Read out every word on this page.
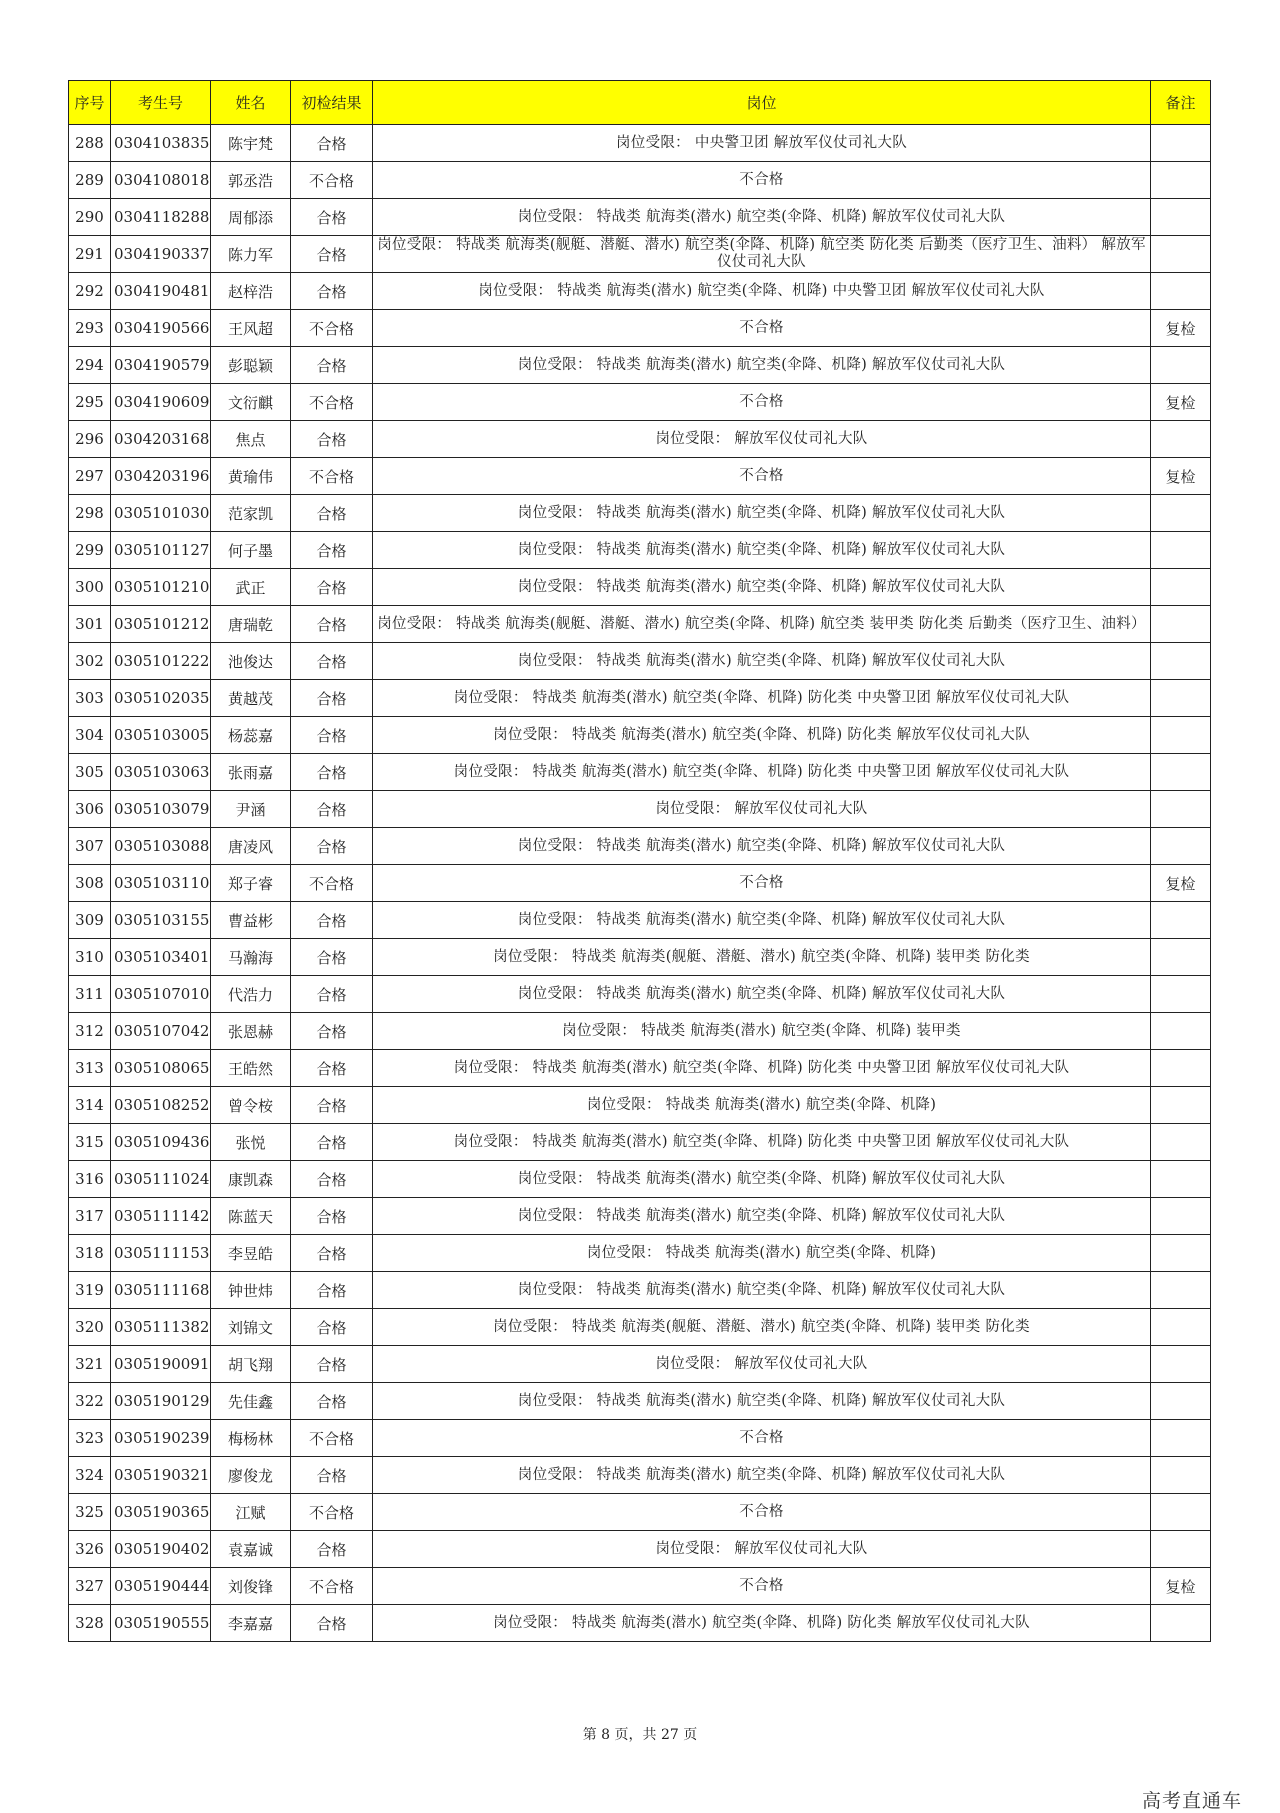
序号	考生号	姓名	初检结果	岗位	备注
288	0304103835	陈宇梵	合格	岗位受限： 中央警卫团 解放军仪仗司礼大队	
289	0304108018	郭丞浩	不合格	不合格	
290	0304118288	周郁添	合格	岗位受限： 特战类 航海类(潜水) 航空类(伞降、机降) 解放军仪仗司礼大队	
291	0304190337	陈力军	合格	岗位受限： 特战类 航海类(舰艇、潜艇、潜水) 航空类(伞降、机降) 航空类 防化类 后勤类（医疗卫生、油料） 解放军仪仗司礼大队	
292	0304190481	赵梓浩	合格	岗位受限： 特战类 航海类(潜水) 航空类(伞降、机降) 中央警卫团 解放军仪仗司礼大队	
293	0304190566	王风超	不合格	不合格	复检
294	0304190579	彭聪颖	合格	岗位受限： 特战类 航海类(潜水) 航空类(伞降、机降) 解放军仪仗司礼大队	
295	0304190609	文衍麒	不合格	不合格	复检
296	0304203168	焦点	合格	岗位受限： 解放军仪仗司礼大队	
297	0304203196	黄瑜伟	不合格	不合格	复检
298	0305101030	范家凯	合格	岗位受限： 特战类 航海类(潜水) 航空类(伞降、机降) 解放军仪仗司礼大队	
299	0305101127	何子墨	合格	岗位受限： 特战类 航海类(潜水) 航空类(伞降、机降) 解放军仪仗司礼大队	
300	0305101210	武正	合格	岗位受限： 特战类 航海类(潜水) 航空类(伞降、机降) 解放军仪仗司礼大队	
301	0305101212	唐瑞乾	合格	岗位受限： 特战类 航海类(舰艇、潜艇、潜水) 航空类(伞降、机降) 航空类 装甲类 防化类 后勤类（医疗卫生、油料）	
302	0305101222	池俊达	合格	岗位受限： 特战类 航海类(潜水) 航空类(伞降、机降) 解放军仪仗司礼大队	
303	0305102035	黄越茂	合格	岗位受限： 特战类 航海类(潜水) 航空类(伞降、机降) 防化类 中央警卫团 解放军仪仗司礼大队	
304	0305103005	杨蕊嘉	合格	岗位受限： 特战类 航海类(潜水) 航空类(伞降、机降) 防化类 解放军仪仗司礼大队	
305	0305103063	张雨嘉	合格	岗位受限： 特战类 航海类(潜水) 航空类(伞降、机降) 防化类 中央警卫团 解放军仪仗司礼大队	
306	0305103079	尹涵	合格	岗位受限： 解放军仪仗司礼大队	
307	0305103088	唐凌风	合格	岗位受限： 特战类 航海类(潜水) 航空类(伞降、机降) 解放军仪仗司礼大队	
308	0305103110	郑子睿	不合格	不合格	复检
309	0305103155	曹益彬	合格	岗位受限： 特战类 航海类(潜水) 航空类(伞降、机降) 解放军仪仗司礼大队	
310	0305103401	马瀚海	合格	岗位受限： 特战类 航海类(舰艇、潜艇、潜水) 航空类(伞降、机降) 装甲类 防化类	
311	0305107010	代浩力	合格	岗位受限： 特战类 航海类(潜水) 航空类(伞降、机降) 解放军仪仗司礼大队	
312	0305107042	张恩赫	合格	岗位受限： 特战类 航海类(潜水) 航空类(伞降、机降) 装甲类	
313	0305108065	王皓然	合格	岗位受限： 特战类 航海类(潜水) 航空类(伞降、机降) 防化类 中央警卫团 解放军仪仗司礼大队	
314	0305108252	曾令桉	合格	岗位受限： 特战类 航海类(潜水) 航空类(伞降、机降)	
315	0305109436	张悦	合格	岗位受限： 特战类 航海类(潜水) 航空类(伞降、机降) 防化类 中央警卫团 解放军仪仗司礼大队	
316	0305111024	康凯森	合格	岗位受限： 特战类 航海类(潜水) 航空类(伞降、机降) 解放军仪仗司礼大队	
317	0305111142	陈蓝天	合格	岗位受限： 特战类 航海类(潜水) 航空类(伞降、机降) 解放军仪仗司礼大队	
318	0305111153	李昱皓	合格	岗位受限： 特战类 航海类(潜水) 航空类(伞降、机降)	
319	0305111168	钟世炜	合格	岗位受限： 特战类 航海类(潜水) 航空类(伞降、机降) 解放军仪仗司礼大队	
320	0305111382	刘锦文	合格	岗位受限： 特战类 航海类(舰艇、潜艇、潜水) 航空类(伞降、机降) 装甲类 防化类	
321	0305190091	胡飞翔	合格	岗位受限： 解放军仪仗司礼大队	
322	0305190129	先佳鑫	合格	岗位受限： 特战类 航海类(潜水) 航空类(伞降、机降) 解放军仪仗司礼大队	
323	0305190239	梅杨林	不合格	不合格	
324	0305190321	廖俊龙	合格	岗位受限： 特战类 航海类(潜水) 航空类(伞降、机降) 解放军仪仗司礼大队	
325	0305190365	江赋	不合格	不合格	
326	0305190402	袁嘉诚	合格	岗位受限： 解放军仪仗司礼大队	
327	0305190444	刘俊锋	不合格	不合格	复检
328	0305190555	李嘉嘉	合格	岗位受限： 特战类 航海类(潜水) 航空类(伞降、机降) 防化类 解放军仪仗司礼大队	
第 8 页，共 27 页
高考直通车
